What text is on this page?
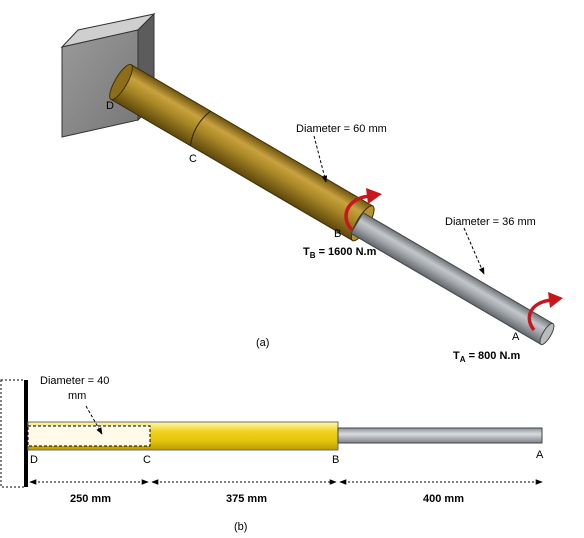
D
C
B
A
Diameter = 60 mm
Diameter = 36 mm
$T_B = 1600$ N.m
$T_A = 800$ N.m
(a)
Diameter = 40
mm
D	C	B	A
250 mm	375 mm	400 mm
(b)
